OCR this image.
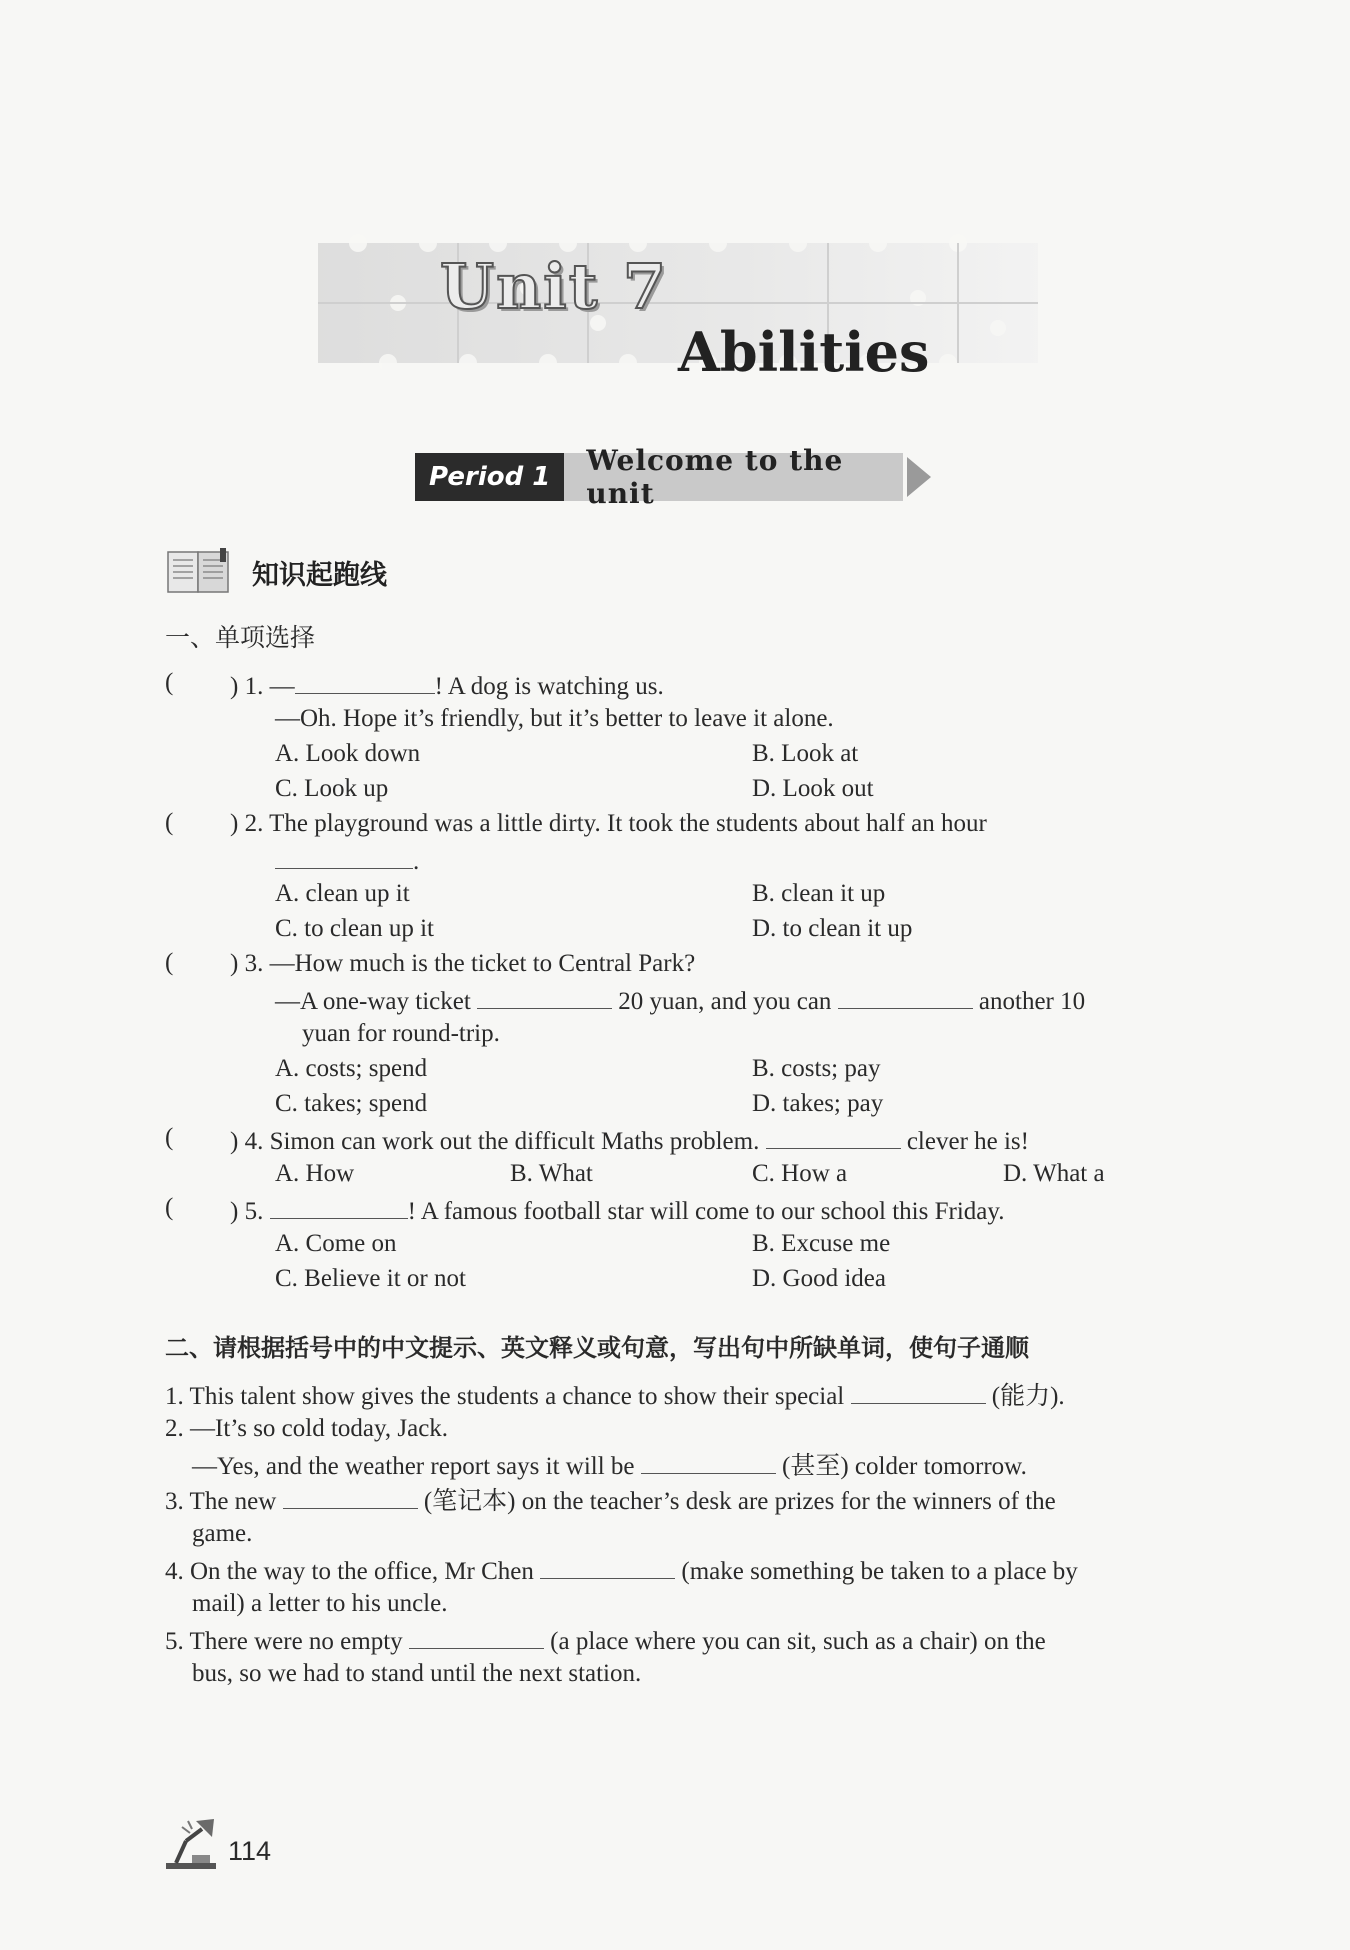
Unit 7
Abilities
Period 1	Welcome to the unit
知识起跑线
一、单项选择
( ) 1. —	! A dog is watching us.
—Oh. Hope it’s friendly, but it’s better to leave it alone.
A. Look down	B. Look at
C. Look up	D. Look out
( ) 2. The playground was a little dirty. It took the students about half an hour
.
A. clean up it	B. clean it up
C. to clean up it	D. to clean it up
( ) 3. —How much is the ticket to Central Park?
—A one-way ticket	20 yuan, and you can	another 10
yuan for round-trip.
A. costs; spend	B. costs; pay
C. takes; spend	D. takes; pay
( ) 4. Simon can work out the difficult Maths problem.	clever he is!
A. How	B. What	C. How a	D. What a
( ) 5.	! A famous football star will come to our school this Friday.
A. Come on	B. Excuse me
C. Believe it or not	D. Good idea
二、请根据括号中的中文提示、英文释义或句意，写出句中所缺单词，使句子通顺
1. This talent show gives the students a chance to show their special	(能力).
2. —It’s so cold today, Jack.
—Yes, and the weather report says it will be	(甚至) colder tomorrow.
3. The new	(笔记本) on the teacher’s desk are prizes for the winners of the
game.
4. On the way to the office, Mr Chen	(make something be taken to a place by
mail) a letter to his uncle.
5. There were no empty	(a place where you can sit, such as a chair) on the
bus, so we had to stand until the next station.
114
